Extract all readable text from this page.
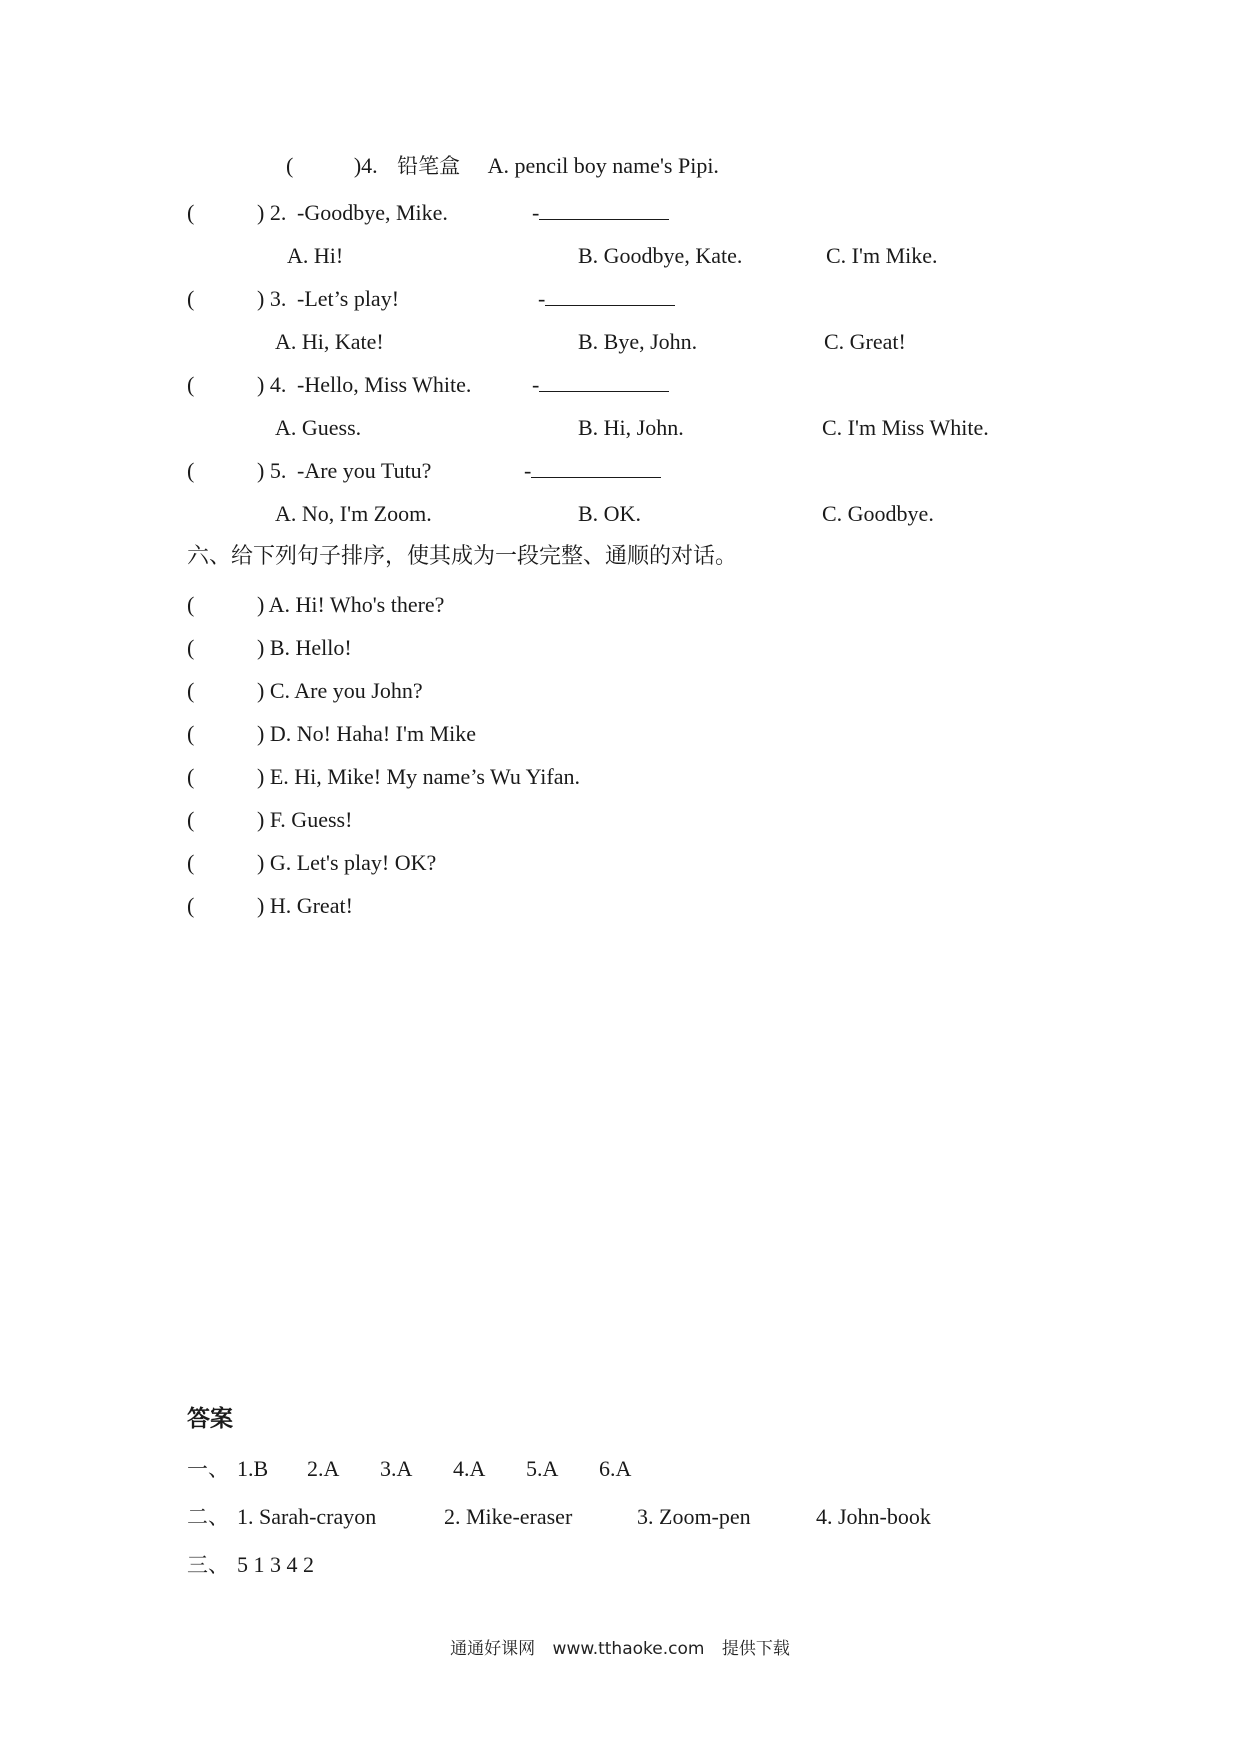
(	)4. 铅笔盒 A. pencil boy name's Pipi.
(	) 2. -Goodbye, Mike.	-
A. Hi!	B. Goodbye, Kate.	C. I'm Mike.
(	) 3. -Let’s play!	-
A. Hi, Kate!	B. Bye, John.	C. Great!
(	) 4. -Hello, Miss White.	-
A. Guess.	B. Hi, John.	C. I'm Miss White.
(	) 5. -Are you Tutu?	-
A. No, I'm Zoom.	B. OK.	C. Goodbye.
六、给下列句子排序，使其成为一段完整、通顺的对话。
(	) A. Hi! Who's there?
(	) B. Hello!
(	) C. Are you John?
(	) D. No! Haha! I'm Mike
(	) E. Hi, Mike! My name’s Wu Yifan.
(	) F. Guess!
(	) G. Let's play! OK?
(	) H. Great!
答案
一、 1.B 2.A 3.A 4.A 5.A 6.A
二、 1. Sarah-crayon	2. Mike-eraser	3. Zoom-pen	4. John-book
三、 5 1 3 4 2
通通好课网 www.tthaoke.com 提供下载
